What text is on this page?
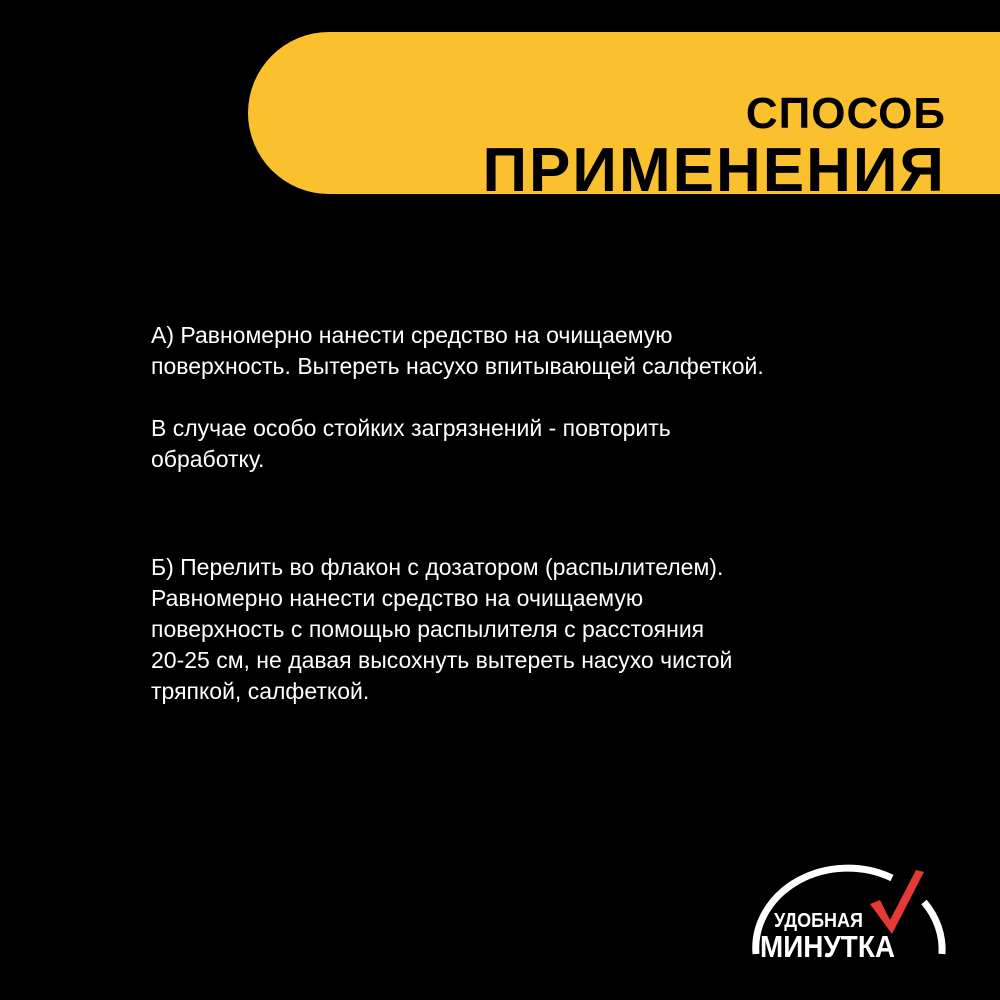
СПОСОБ
ПРИМЕНЕНИЯ

А) Равномерно нанести средство на очищаемую
поверхность. Вытереть насухо впитывающей салфеткой.

В случае особо стойких загрязнений - повторить
обработку.

Б) Перелить во флакон с дозатором (распылителем).
Равномерно нанести средство на очищаемую
поверхность с помощью распылителя с расстояния
20-25 см, не давая высохнуть вытереть насухо чистой
тряпкой, салфеткой.

УДОБНАЯ
МИНУТКА
